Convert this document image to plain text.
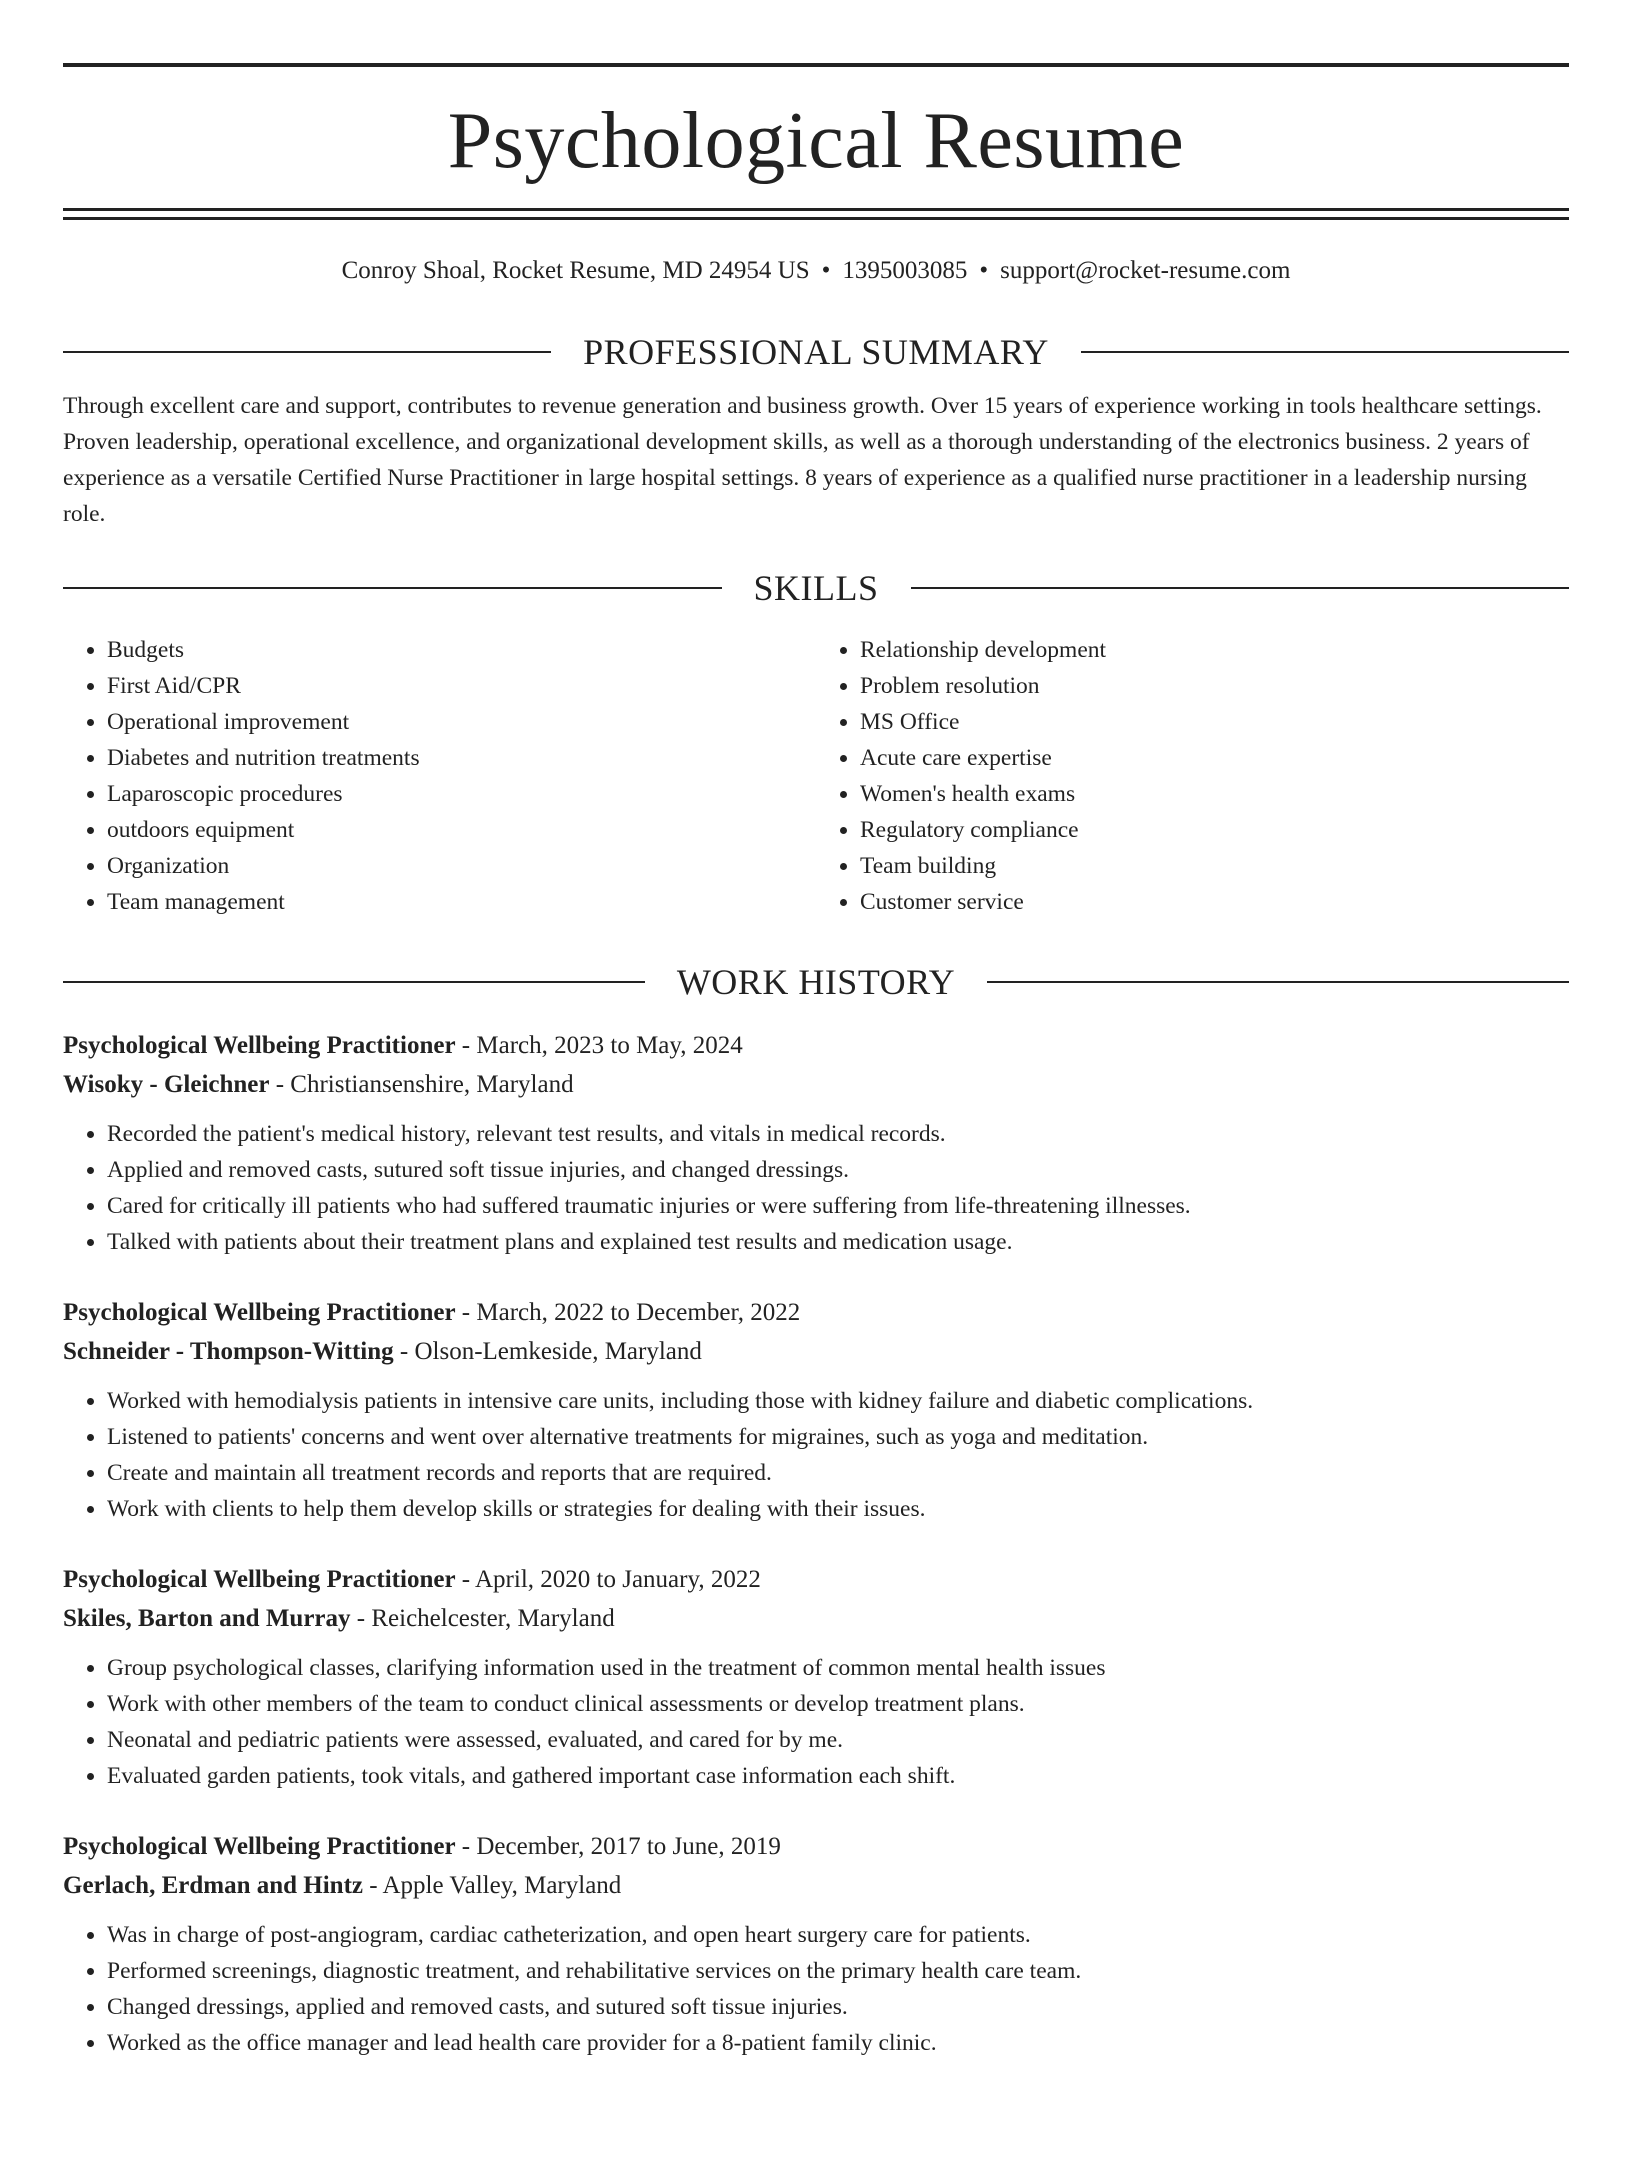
Psychological Resume
Conroy Shoal, Rocket Resume, MD 24954 US • 1395003085 • support@rocket-resume.com
PROFESSIONAL SUMMARY

Through excellent care and support, contributes to revenue generation and business growth. Over 15 years of experience working in tools healthcare settings. Proven leadership, operational excellence, and organizational development skills, as well as a thorough understanding of the electronics business. 2 years of experience as a versatile Certified Nurse Practitioner in large hospital settings. 8 years of experience as a qualified nurse practitioner in a leadership nursing role.

SKILLS
• Budgets
• First Aid/CPR
• Operational improvement
• Diabetes and nutrition treatments
• Laparoscopic procedures
• outdoors equipment
• Organization
• Team management
• Relationship development
• Problem resolution
• MS Office
• Acute care expertise
• Women's health exams
• Regulatory compliance
• Team building
• Customer service
WORK HISTORY
Psychological Wellbeing Practitioner - March, 2023 to May, 2024
Wisoky - Gleichner - Christiansenshire, Maryland
• Recorded the patient's medical history, relevant test results, and vitals in medical records.
• Applied and removed casts, sutured soft tissue injuries, and changed dressings.
• Cared for critically ill patients who had suffered traumatic injuries or were suffering from life-threatening illnesses.
• Talked with patients about their treatment plans and explained test results and medication usage.
Psychological Wellbeing Practitioner - March, 2022 to December, 2022
Schneider - Thompson-Witting - Olson-Lemkeside, Maryland
• Worked with hemodialysis patients in intensive care units, including those with kidney failure and diabetic complications.
• Listened to patients' concerns and went over alternative treatments for migraines, such as yoga and meditation.
• Create and maintain all treatment records and reports that are required.
• Work with clients to help them develop skills or strategies for dealing with their issues.
Psychological Wellbeing Practitioner - April, 2020 to January, 2022
Skiles, Barton and Murray - Reichelcester, Maryland
• Group psychological classes, clarifying information used in the treatment of common mental health issues
• Work with other members of the team to conduct clinical assessments or develop treatment plans.
• Neonatal and pediatric patients were assessed, evaluated, and cared for by me.
• Evaluated garden patients, took vitals, and gathered important case information each shift.
Psychological Wellbeing Practitioner - December, 2017 to June, 2019
Gerlach, Erdman and Hintz - Apple Valley, Maryland
• Was in charge of post-angiogram, cardiac catheterization, and open heart surgery care for patients.
• Performed screenings, diagnostic treatment, and rehabilitative services on the primary health care team.
• Changed dressings, applied and removed casts, and sutured soft tissue injuries.
• Worked as the office manager and lead health care provider for a 8-patient family clinic.
